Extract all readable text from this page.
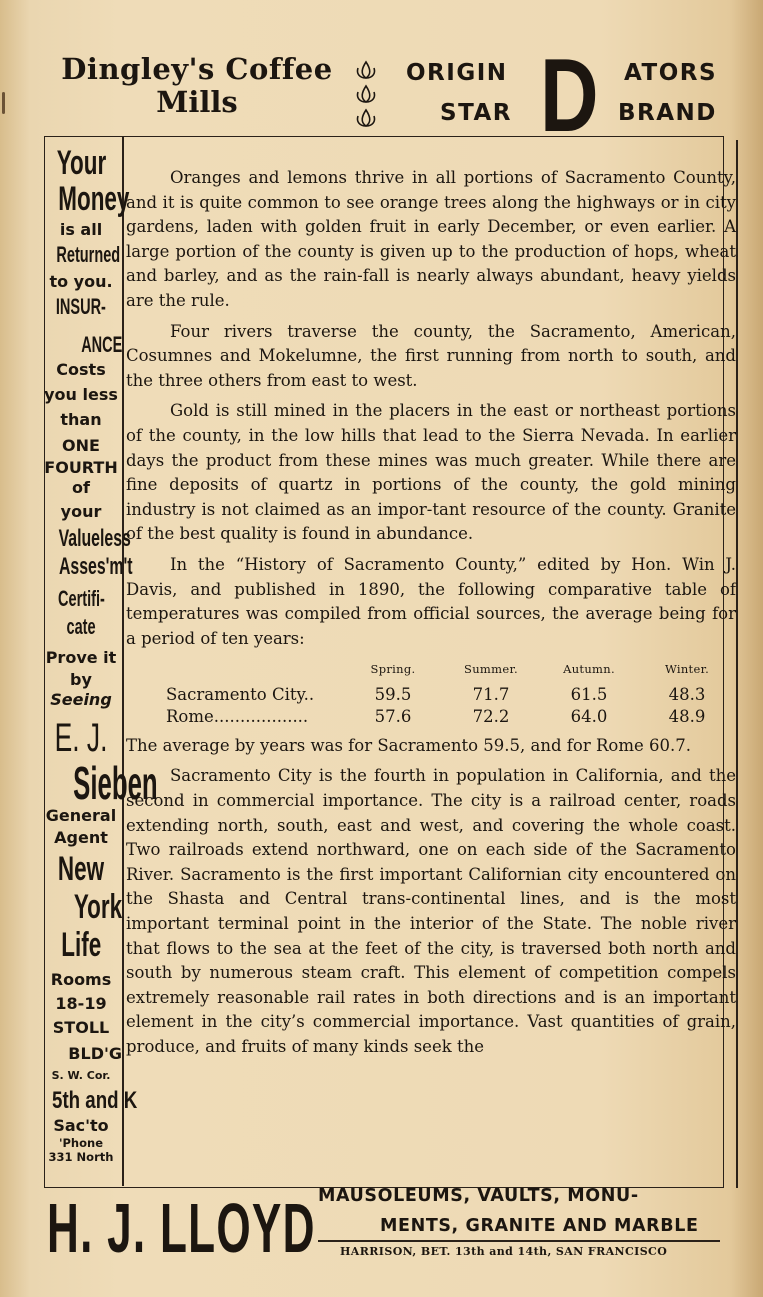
Dingley's Coffee
Mills
ORIGIN
STAR D ATORS
BRAND
Your
Money
is all
Returned
to you.
INSUR-
ANCE
Costs
you less
than
ONE
FOURTH
of
your
Valueless
Asses'm't
Certifi-
cate
Prove it
by
Seeing
E. J.
Sieben
General
Agent
New
York
Life
Rooms
18-19
STOLL
BLD'G
S. W. Cor.
5th and K
Sac'to
'Phone
331 North

Oranges and lemons thrive in all portions of Sacramento County, and it is quite common to see orange trees along the highways or in city gardens, laden with golden fruit in early December, or even earlier. A large portion of the county is given up to the production of hops, wheat and barley, and as the rain-fall is nearly always abundant, heavy yields are the rule.

Four rivers traverse the county, the Sacramento, American, Cosumnes and Mokelumne, the first running from north to south, and the three others from east to west.

Gold is still mined in the placers in the east or northeast portions of the county, in the low hills that lead to the Sierra Nevada. In earlier days the product from these mines was much greater. While there are fine deposits of quartz in portions of the county, the gold mining industry is not claimed as an impor-tant resource of the county. Granite of the best quality is found in abundance.

In the “History of Sacramento County,” edited by Hon. Win J. Davis, and published in 1890, the following comparative table of temperatures was compiled from official sources, the average being for a period of ten years:

	Spring.	Summer.	Autumn.	Winter.
Sacramento City..	59.5	71.7	61.5	48.3
Rome..................	57.6	72.2	64.0	48.9

The average by years was for Sacramento 59.5, and for Rome 60.7.

Sacramento City is the fourth in population in California, and the second in commercial importance. The city is a railroad center, roads extending north, south, east and west, and covering the whole coast. Two railroads extend northward, one on each side of the Sacramento River. Sacramento is the first important Californian city encountered on the Shasta and Central trans-continental lines, and is the most important terminal point in the interior of the State. The noble river that flows to the sea at the feet of the city, is traversed both north and south by numerous steam craft. This element of competition compels extremely reasonable rail rates in both directions and is an important element in the city’s commercial importance. Vast quantities of grain, produce, and fruits of many kinds seek the

H. J. LLOYD MAUSOLEUMS, VAULTS, MONU-
MENTS, GRANITE AND MARBLE
HARRISON, BET. 13th and 14th, SAN FRANCISCO
